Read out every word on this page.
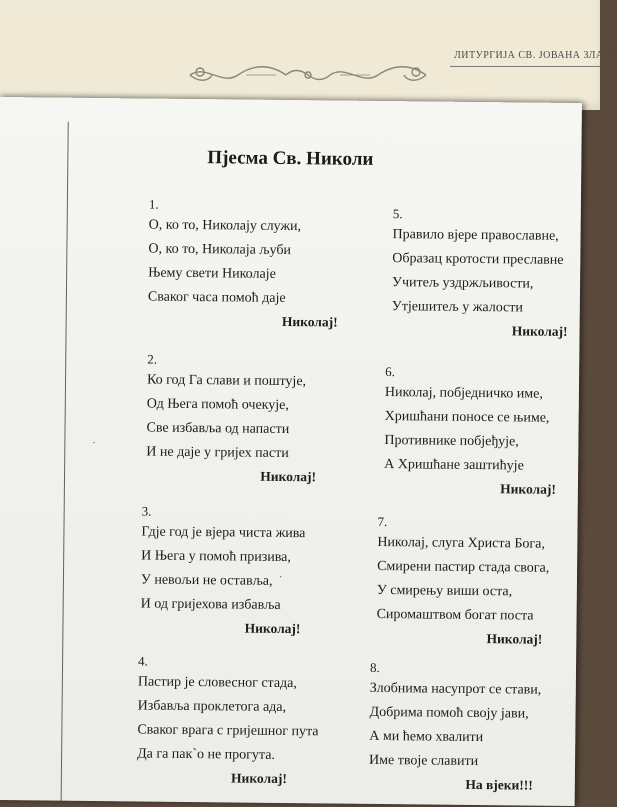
ЛИТУРГИЈА СВ. ЈОВАНА ЗЛАТО
Пјесма Св. Николи
1.
О, ко то, Николају служи,
О, ко то, Николаја љуби
Њему свети Николаје
Сваког часа помоћ даје
Николај!
2.
Ко год Га слави и поштује,
Од Њега помоћ очекује,
Све избавља од напасти
И не даје у гријех пасти
Николај!
3.
Гдје год је вјера чиста жива
И Њега у помоћ призива,
У невољи не оставља,
И од гријехова избавља
Николај!
4.
Пастир је словесног стада,
Избавља проклетога ада,
Сваког врага с гријешног пута
Да га пак`о не прогута.
Николај!
5.
Правило вјере православне,
Образац кротости преславне
Учитељ уздржљивости,
Утјешитељ у жалости
Николај!
6.
Николај, побједничко име,
Хришћани поносе се њиме,
Противнике побјеђује,
А Хришћане заштићује
Николај!
7.
Николај, слуга Христа Бога,
Смирени пастир стада свога,
У смирењу виши оста,
Сиромаштвом богат поста
Николај!
8.
Злобнима насупрот се стави,
Добрима помоћ своју јави,
А ми ћемо хвалити
Име твоје славити
На вјеки!!!
·
·
